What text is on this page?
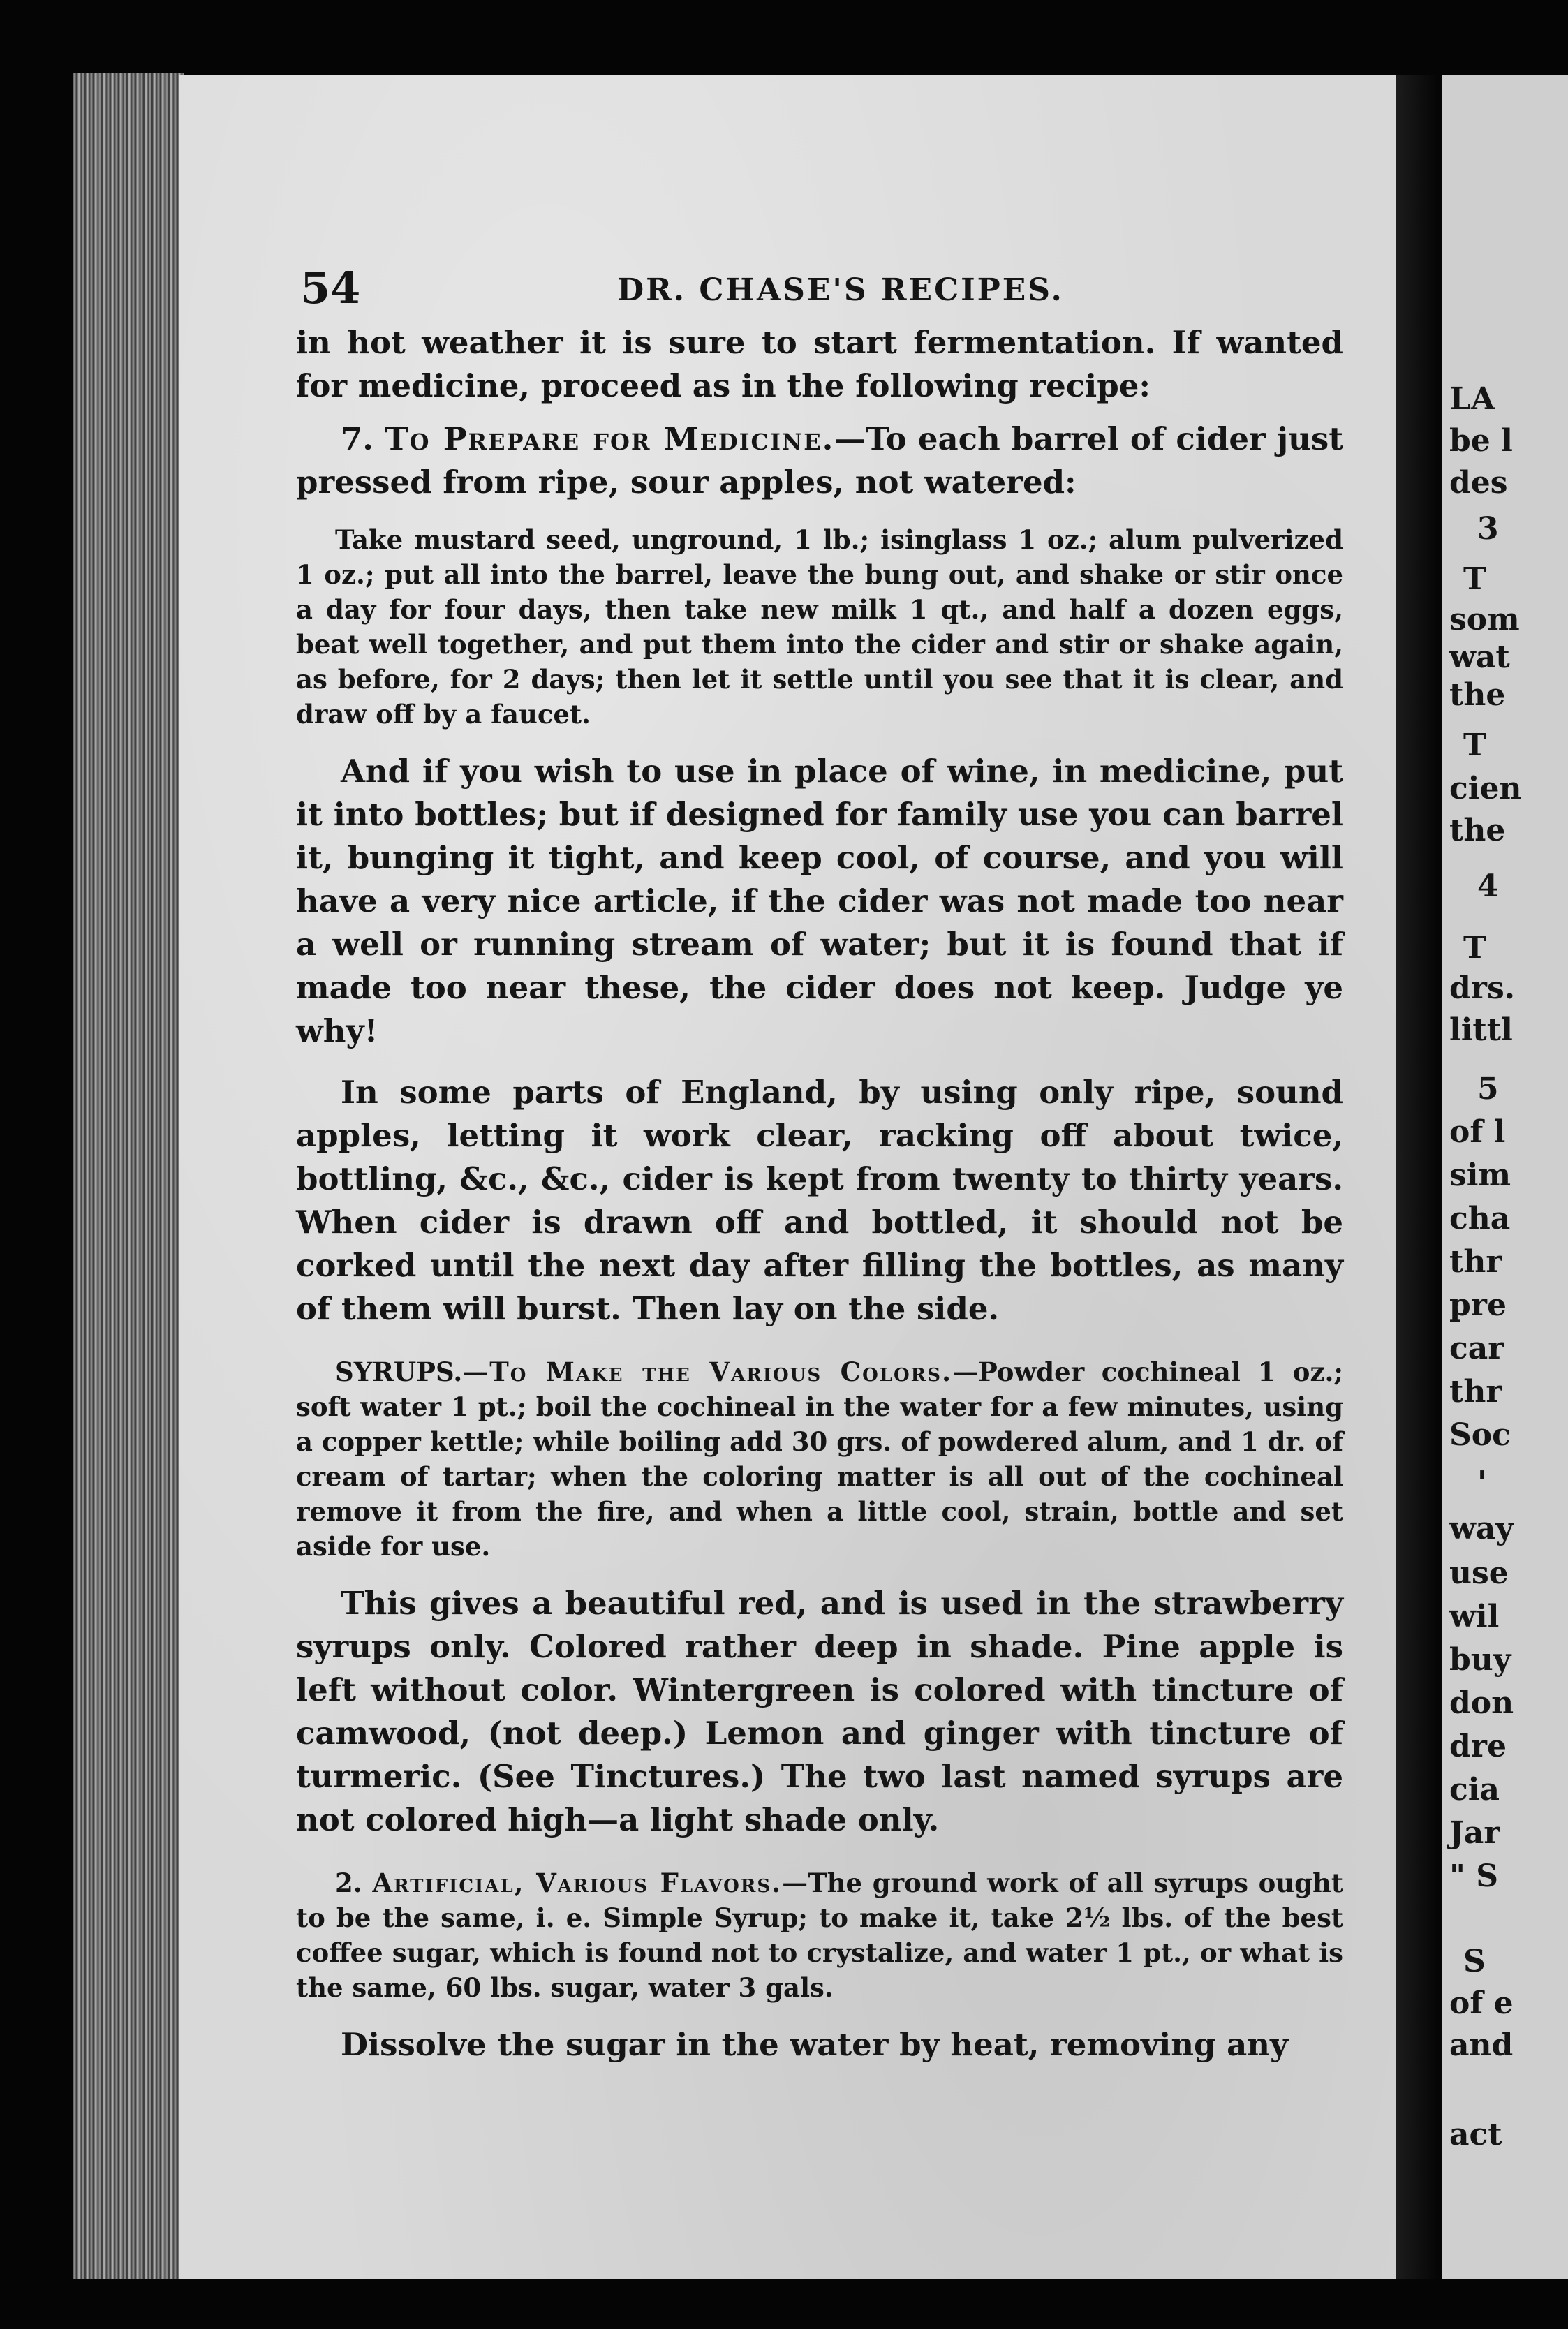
LA
be l
des
3
T
som
wat
the
T
cien
the
4
T
drs.
littl
5
of l
sim
cha
thr
pre
car
thr
Soc
'
way
use
wil
buy
don
dre
cia
Jar
" S
S
of e
and
act
54	DR. CHASE'S RECIPES.

in hot weather it is sure to start fermentation. If wanted for medicine, proceed as in the following recipe:

7. To Prepare for Medicine.—To each barrel of cider just pressed from ripe, sour apples, not watered:

Take mustard seed, unground, 1 lb.; isinglass 1 oz.; alum pulverized 1 oz.; put all into the barrel, leave the bung out, and shake or stir once a day for four days, then take new milk 1 qt., and half a dozen eggs, beat well together, and put them into the cider and stir or shake again, as before, for 2 days; then let it settle until you see that it is clear, and draw off by a faucet.

And if you wish to use in place of wine, in medicine, put it into bottles; but if designed for family use you can barrel it, bunging it tight, and keep cool, of course, and you will have a very nice article, if the cider was not made too near a well or running stream of water; but it is found that if made too near these, the cider does not keep. Judge ye why!

In some parts of England, by using only ripe, sound apples, letting it work clear, racking off about twice, bottling, &c., &c., cider is kept from twenty to thirty years. When cider is drawn off and bottled, it should not be corked until the next day after filling the bottles, as many of them will burst. Then lay on the side.

SYRUPS.—To Make the Various Colors.—Powder cochineal 1 oz.; soft water 1 pt.; boil the cochineal in the water for a few minutes, using a copper kettle; while boiling add 30 grs. of powdered alum, and 1 dr. of cream of tartar; when the coloring matter is all out of the cochineal remove it from the fire, and when a little cool, strain, bottle and set aside for use.

This gives a beautiful red, and is used in the strawberry syrups only. Colored rather deep in shade. Pine apple is left without color. Wintergreen is colored with tincture of camwood, (not deep.) Lemon and ginger with tincture of turmeric. (See Tinctures.) The two last named syrups are not colored high—a light shade only.

2. Artificial, Various Flavors.—The ground work of all syrups ought to be the same, i. e. Simple Syrup; to make it, take 2½ lbs. of the best coffee sugar, which is found not to crystalize, and water 1 pt., or what is the same, 60 lbs. sugar, water 3 gals.

Dissolve the sugar in the water by heat, removing any
